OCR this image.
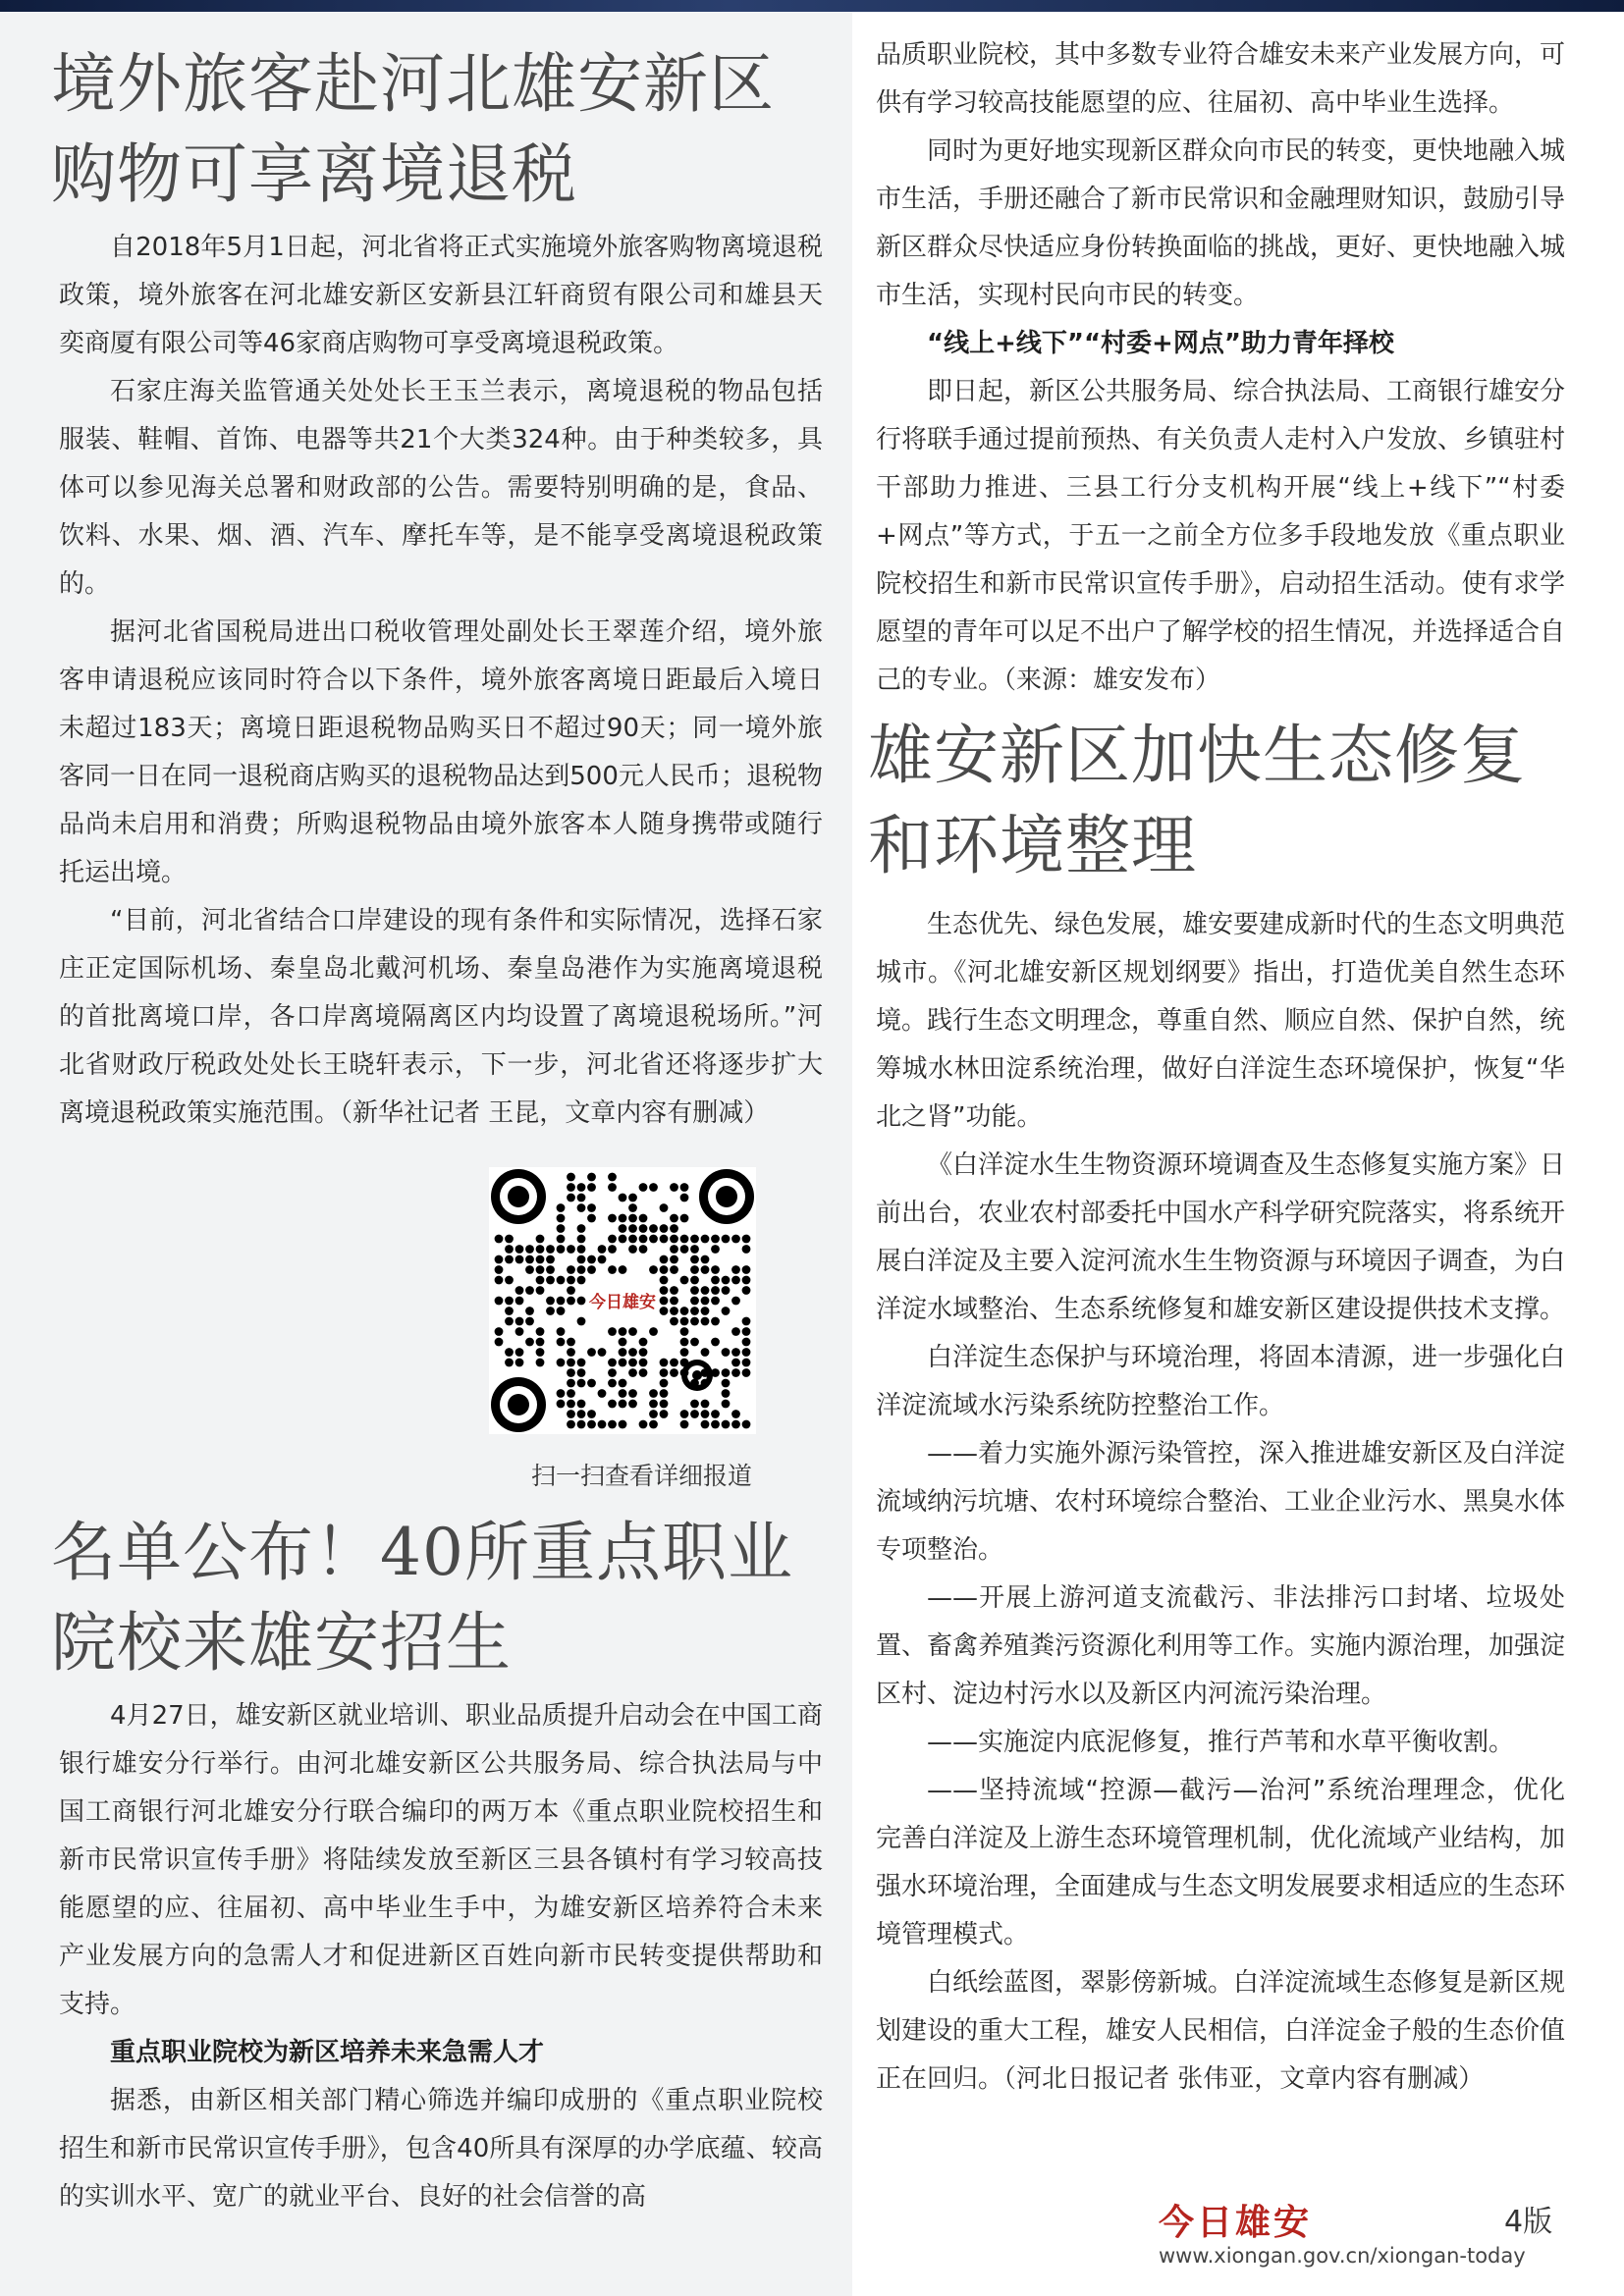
境外旅客赴河北雄安新区购物可享离境退税

自2018年5月1日起，河北省将正式实施境外旅客购物离境退税政策，境外旅客在河北雄安新区安新县江轩商贸有限公司和雄县天奕商厦有限公司等46家商店购物可享受离境退税政策。

石家庄海关监管通关处处长王玉兰表示，离境退税的物品包括服装、鞋帽、首饰、电器等共21个大类324种。由于种类较多，具体可以参见海关总署和财政部的公告。需要特别明确的是，食品、饮料、水果、烟、酒、汽车、摩托车等，是不能享受离境退税政策的。

据河北省国税局进出口税收管理处副处长王翠莲介绍，境外旅客申请退税应该同时符合以下条件，境外旅客离境日距最后入境日未超过183天；离境日距退税物品购买日不超过90天；同一境外旅客同一日在同一退税商店购买的退税物品达到500元人民币；退税物品尚未启用和消费；所购退税物品由境外旅客本人随身携带或随行托运出境。

“目前，河北省结合口岸建设的现有条件和实际情况，选择石家庄正定国际机场、秦皇岛北戴河机场、秦皇岛港作为实施离境退税的首批离境口岸，各口岸离境隔离区内均设置了离境退税场所。”河北省财政厅税政处处长王晓轩表示，下一步，河北省还将逐步扩大离境退税政策实施范围。（新华社记者 王昆，文章内容有删减）

今日雄安
扫一扫查看详细报道
名单公布！40所重点职业院校来雄安招生

4月27日，雄安新区就业培训、职业品质提升启动会在中国工商银行雄安分行举行。由河北雄安新区公共服务局、综合执法局与中国工商银行河北雄安分行联合编印的两万本《重点职业院校招生和新市民常识宣传手册》将陆续发放至新区三县各镇村有学习较高技能愿望的应、往届初、高中毕业生手中，为雄安新区培养符合未来产业发展方向的急需人才和促进新区百姓向新市民转变提供帮助和支持。

重点职业院校为新区培养未来急需人才

据悉，由新区相关部门精心筛选并编印成册的《重点职业院校招生和新市民常识宣传手册》，包含40所具有深厚的办学底蕴、较高的实训水平、宽广的就业平台、良好的社会信誉的高

品质职业院校，其中多数专业符合雄安未来产业发展方向，可供有学习较高技能愿望的应、往届初、高中毕业生选择。

同时为更好地实现新区群众向市民的转变，更快地融入城市生活，手册还融合了新市民常识和金融理财知识，鼓励引导新区群众尽快适应身份转换面临的挑战，更好、更快地融入城市生活，实现村民向市民的转变。

“线上+线下”“村委+网点”助力青年择校

即日起，新区公共服务局、综合执法局、工商银行雄安分行将联手通过提前预热、有关负责人走村入户发放、乡镇驻村干部助力推进、三县工行分支机构开展“线上+线下”“村委+网点”等方式，于五一之前全方位多手段地发放《重点职业院校招生和新市民常识宣传手册》，启动招生活动。使有求学愿望的青年可以足不出户了解学校的招生情况，并选择适合自己的专业。（来源：雄安发布）

雄安新区加快生态修复和环境整理

生态优先、绿色发展，雄安要建成新时代的生态文明典范城市。《河北雄安新区规划纲要》指出，打造优美自然生态环境。践行生态文明理念，尊重自然、顺应自然、保护自然，统筹城水林田淀系统治理，做好白洋淀生态环境保护，恢复“华北之肾”功能。

《白洋淀水生生物资源环境调查及生态修复实施方案》日前出台，农业农村部委托中国水产科学研究院落实，将系统开展白洋淀及主要入淀河流水生生物资源与环境因子调查，为白洋淀水域整治、生态系统修复和雄安新区建设提供技术支撑。

白洋淀生态保护与环境治理，将固本清源，进一步强化白洋淀流域水污染系统防控整治工作。

——着力实施外源污染管控，深入推进雄安新区及白洋淀流域纳污坑塘、农村环境综合整治、工业企业污水、黑臭水体专项整治。

——开展上游河道支流截污、非法排污口封堵、垃圾处置、畜禽养殖粪污资源化利用等工作。实施内源治理，加强淀区村、淀边村污水以及新区内河流污染治理。

——实施淀内底泥修复，推行芦苇和水草平衡收割。

——坚持流域“控源—截污—治河”系统治理理念，优化完善白洋淀及上游生态环境管理机制，优化流域产业结构，加强水环境治理，全面建成与生态文明发展要求相适应的生态环境管理模式。

白纸绘蓝图，翠影傍新城。白洋淀流域生态修复是新区规划建设的重大工程，雄安人民相信，白洋淀金子般的生态价值正在回归。（河北日报记者 张伟亚，文章内容有删减）

今日雄安	4版
www.xiongan.gov.cn/xiongan-today
